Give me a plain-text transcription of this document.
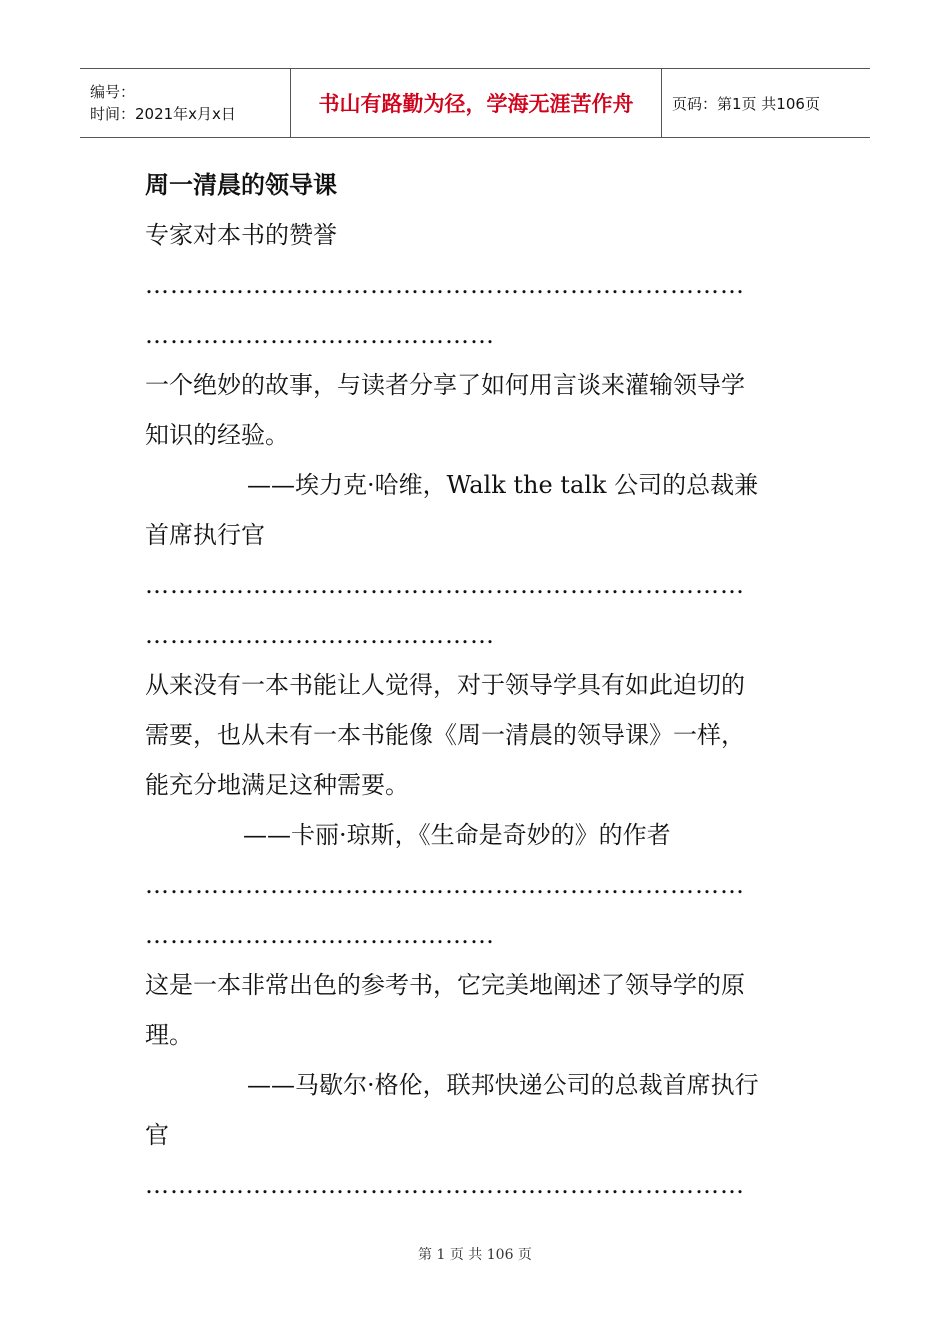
编号：
时间：2021年x月x日	书山有路勤为径，学海无涯苦作舟	页码：第1页 共106页
周一清晨的领导课
专家对本书的赞誉
………………………………………………………………
……………………………………
一个绝妙的故事，与读者分享了如何用言谈来灌输领导学
知识的经验。
——埃力克·哈维，Walk the talk 公司的总裁兼
首席执行官
………………………………………………………………
……………………………………
从来没有一本书能让人觉得，对于领导学具有如此迫切的
需要，也从未有一本书能像《周一清晨的领导课》一样，
能充分地满足这种需要。
——卡丽·琼斯，《生命是奇妙的》的作者
………………………………………………………………
……………………………………
这是一本非常出色的参考书，它完美地阐述了领导学的原
理。
——马歇尔·格伦，联邦快递公司的总裁首席执行
官
………………………………………………………………
第 1 页 共 106 页
